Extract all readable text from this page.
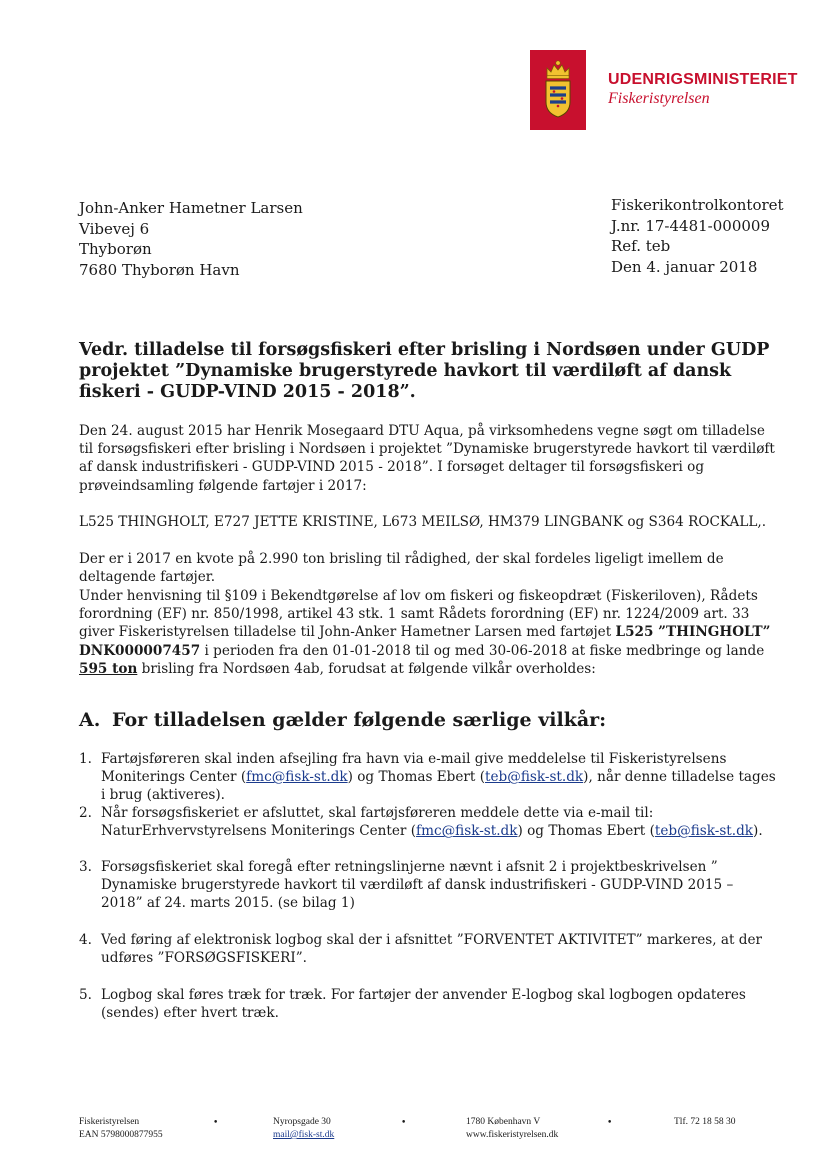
UDENRIGSMINISTERIET
Fiskeristyrelsen
John-Anker Hametner Larsen
Vibevej 6
Thyborøn
7680 Thyborøn Havn
Fiskerikontrolkontoret
J.nr. 17-4481-000009
Ref. teb
Den 4. januar 2018
Vedr. tilladelse til forsøgsfiskeri efter brisling i Nordsøen under GUDP projektet ”Dynamiske brugerstyrede havkort til værdiløft af dansk fiskeri - GUDP-VIND 2015 - 2018”.
Den 24. august 2015 har Henrik Mosegaard DTU Aqua, på virksomhedens vegne søgt om tilladelse til forsøgsfiskeri efter brisling i Nordsøen i projektet ”Dynamiske brugerstyrede havkort til værdiløft af dansk industrifiskeri - GUDP-VIND 2015 - 2018”. I forsøget deltager til forsøgsfiskeri og prøveindsamling følgende fartøjer i 2017:
L525 THINGHOLT, E727 JETTE KRISTINE, L673 MEILSØ, HM379 LINGBANK og S364 ROCKALL,.
Der er i 2017 en kvote på 2.990 ton brisling til rådighed, der skal fordeles ligeligt imellem de deltagende fartøjer.
Under henvisning til §109 i Bekendtgørelse af lov om fiskeri og fiskeopdræt (Fiskeriloven), Rådets forordning (EF) nr. 850/1998, artikel 43 stk. 1 samt Rådets forordning (EF) nr. 1224/2009 art. 33 giver Fiskeristyrelsen tilladelse til John-Anker Hametner Larsen med fartøjet L525 ”THINGHOLT” DNK000007457 i perioden fra den 01-01-2018 til og med 30-06-2018 at fiske medbringe og lande 595 ton brisling fra Nordsøen 4ab, forudsat at følgende vilkår overholdes:
A. For tilladelsen gælder følgende særlige vilkår:
1. Fartøjsføreren skal inden afsejling fra havn via e-mail give meddelelse til Fiskeristyrelsens Moniterings Center (fmc@fisk-st.dk) og Thomas Ebert (teb@fisk-st.dk), når denne tilladelse tages i brug (aktiveres).
2. Når forsøgsfiskeriet er afsluttet, skal fartøjsføreren meddele dette via e-mail til: NaturErhvervstyrelsens Moniterings Center (fmc@fisk-st.dk) og Thomas Ebert (teb@fisk-st.dk).
3. Forsøgsfiskeriet skal foregå efter retningslinjerne nævnt i afsnit 2 i projektbeskrivelsen ” Dynamiske brugerstyrede havkort til værdiløft af dansk industrifiskeri - GUDP-VIND 2015 – 2018” af 24. marts 2015. (se bilag 1)
4. Ved føring af elektronisk logbog skal der i afsnittet ”FORVENTET AKTIVITET” markeres, at der udføres ”FORSØGSFISKERI”.
5. Logbog skal føres træk for træk. For fartøjer der anvender E-logbog skal logbogen opdateres (sendes) efter hvert træk.
Fiskeristyrelsen
EAN 5798000877955
•	Nyropsgade 30
mail@fisk-st.dk
•	1780 København V
www.fiskeristyrelsen.dk
•	Tlf. 72 18 58 30
